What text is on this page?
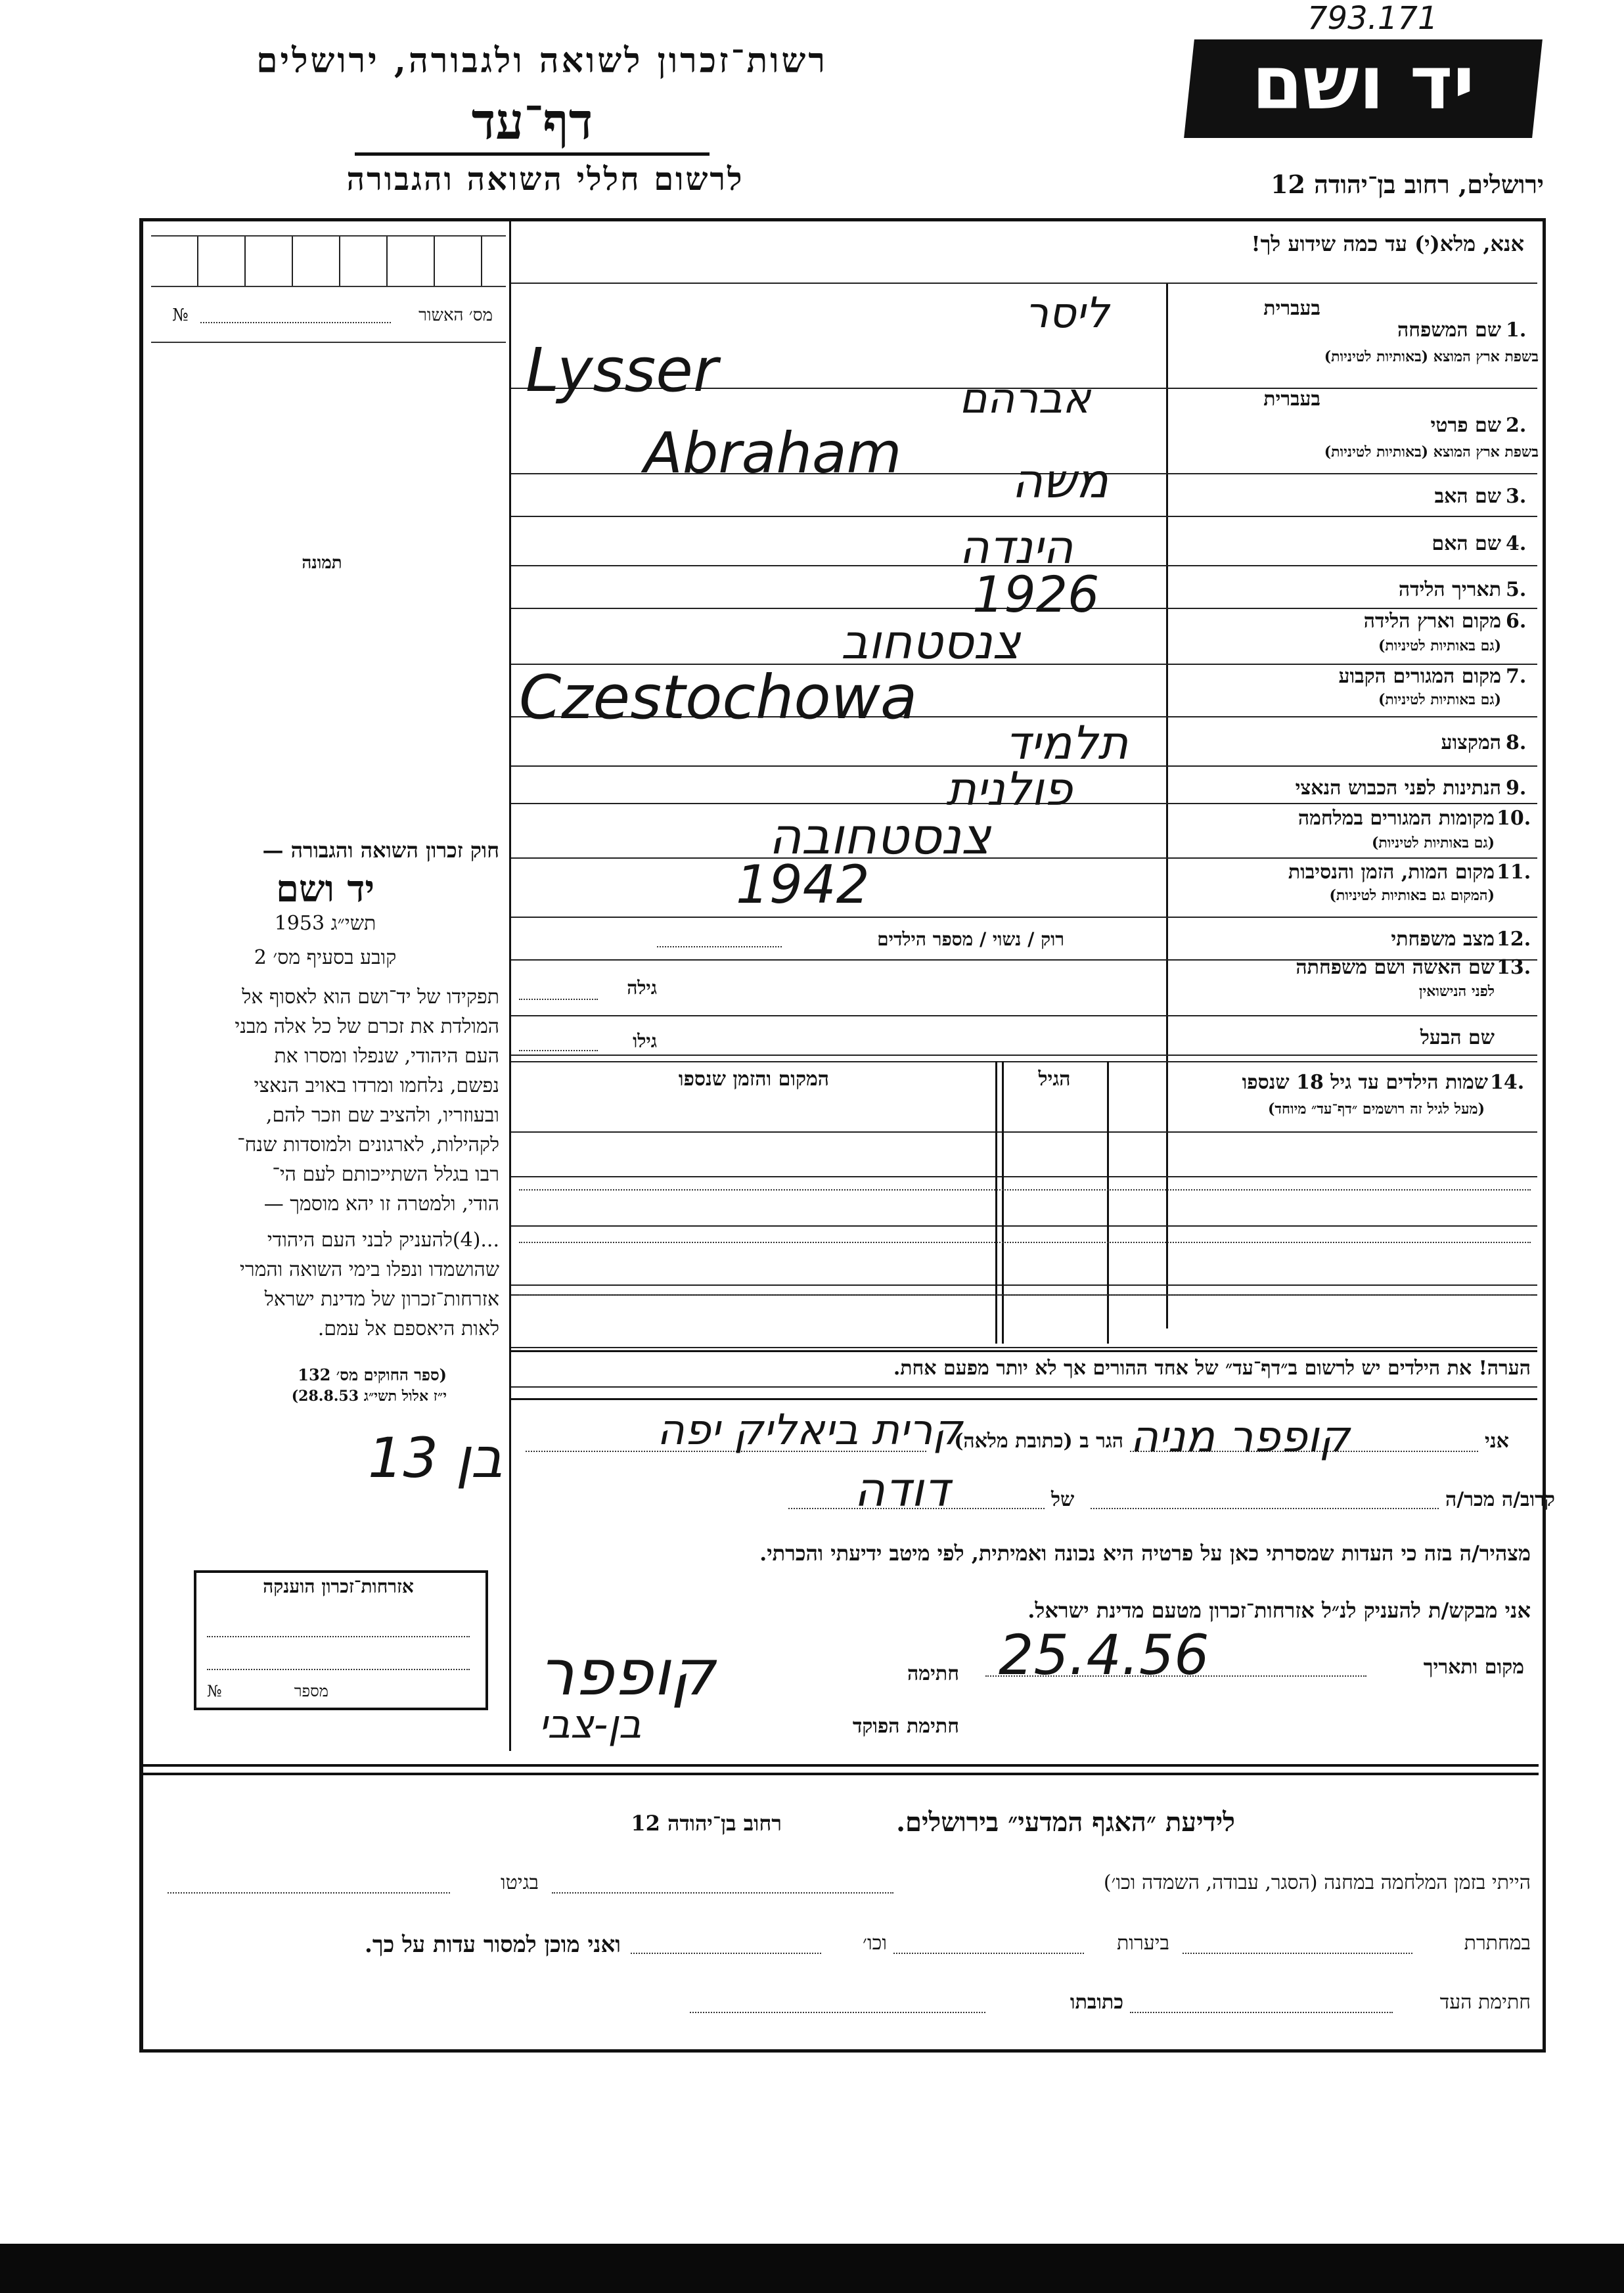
793.171
רשות־זכרון לשואה ולגבורה, ירושלים
דף־עד
לרשום חללי השואה והגבורה
יד ושם
ירושלים, רחוב בן־יהודה 12
מס׳ האשור
№
תמונה
חוק זכרון השואה והגבורה —
יד ושם
תשי״ג 1953
קובע בסעיף מס׳ 2
תפקידו של יד־ושם הוא לאסוף אל
המולדת את זכרם של כל אלה מבני
העם היהודי, שנפלו ומסרו את
נפשם, נלחמו ומרדו באויב הנאצי
ובעוזריו, ולהציב שם וזכר להם,
לקהילות, לארגונים ולמוסדות שנח־
רבו בגלל השתייכותם לעם הי־
הודי, ולמטרה זו יהא מוסמך —
...(4)להעניק לבני העם היהודי
שהושמדו ונפלו בימי השואה והמרי
אזרחות־זכרון של מדינת ישראל
לאות היאספם אל עמם.
(ספר החוקים מס׳ 132
י״ז אלול תשי״ג 28.8.53)
אזרחות־זכרון הוענקה
מספר
№
אנא, מלא(י) עד כמה שידוע לך!
1.
שם המשפחה
בעברית
בשפת ארץ המוצא (באותיות לטיניות)
2.
שם פרטי
בעברית
בשפת ארץ המוצא (באותיות לטיניות)
3.
שם האב
4.
שם האם
5.
תאריך הלידה
6.
מקום וארץ הלידה
(גם באותיות לטיניות)
7.
מקום המגורים הקבוע
(גם באותיות לטיניות)
8.
המקצוע
9.
הנתינות לפני הכבוש הנאצי
10.
מקומות המגורים במלחמה
(גם באותיות לטיניות)
11.
מקום המות, הזמן והנסיבות
(המקום גם באותיות לטיניות)
12.
מצב משפחתי
13.
שם האשה ושם משפחתה
לפני הנישואין
שם הבעל
ליסר
Lysser	אברהם
Abraham משה
הינדה
1926
צנסטחוב
Czestochowa
תלמיד
פולנית
צנסטחובה
1942
רוק / נשוי / מספר הילדים
גילה
גילו
14.
שמות הילדים עד גיל 18 שנספו
(מעל לגיל זה רושמים ״דף־עד״ מיוחד)
הגיל
המקום והזמן שנספו
הערה! את הילדים יש לרשום ב״דף־עד״ של אחד ההורים אך לא יותר מפעם אחת.
אני
קופפר מניה
הגר ב (כתובת מלאה)
קרית ביאליק יפה
קרוב/ה מכר/ה
של
דודה
בן 13
מצהיר/ה בזה כי העדות שמסרתי כאן על פרטיה היא נכונה ואמיתית, לפי מיטב ידיעתי והכרתי.
אני מבקש/ת להעניק לנ״ל אזרחות־זכרון מטעם מדינת ישראל.
מקום ותאריך
25.4.56
חתימה
קופפר
חתימת הפוקד
בן-צבי
לידיעת ״האגף המדעי״ בירושלים.
רחוב בן־יהודה 12
הייתי בזמן המלחמה במחנה (הסגר, עבודה, השמדה וכו׳)
בגיטו
במחתרת
ביערות
וכו׳
ואני מוכן למסור עדות על כך.
חתימת העד
כתובתו
